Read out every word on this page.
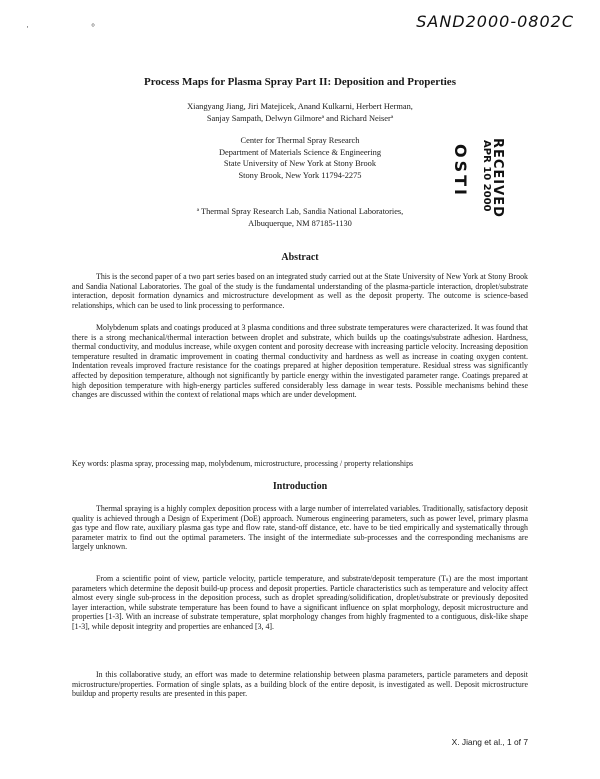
· °	SAND2000-0802C
Process Maps for Plasma Spray Part II: Deposition and Properties
Xiangyang Jiang, Jiri Matejicek, Anand Kulkarni, Herbert Herman,
Sanjay Sampath, Delwyn Gilmoreª and Richard Neiserª
Center for Thermal Spray Research
Department of Materials Science & Engineering
State University of New York at Stony Brook
Stony Brook, New York 11794-2275	RECEIVED
APR 10 2000
OSTI
ª Thermal Spray Research Lab, Sandia National Laboratories,
Albuquerque, NM 87185-1130
Abstract

This is the second paper of a two part series based on an integrated study carried out at the State University of New York at Stony Brook and Sandia National Laboratories. The goal of the study is the fundamental understanding of the plasma-particle interaction, droplet/substrate interaction, deposit formation dynamics and microstructure development as well as the deposit property. The outcome is science-based relationships, which can be used to link processing to performance.

Molybdenum splats and coatings produced at 3 plasma conditions and three substrate temperatures were characterized. It was found that there is a strong mechanical/thermal interaction between droplet and substrate, which builds up the coatings/substrate adhesion. Hardness, thermal conductivity, and modulus increase, while oxygen content and porosity decrease with increasing particle velocity. Increasing deposition temperature resulted in dramatic improvement in coating thermal conductivity and hardness as well as increase in coating oxygen content. Indentation reveals improved fracture resistance for the coatings prepared at higher deposition temperature. Residual stress was significantly affected by deposition temperature, although not significantly by particle energy within the investigated parameter range. Coatings prepared at high deposition temperature with high-energy particles suffered considerably less damage in wear tests. Possible mechanisms behind these changes are discussed within the context of relational maps which are under development.

Key words: plasma spray, processing map, molybdenum, microstructure, processing / property relationships
Introduction

Thermal spraying is a highly complex deposition process with a large number of interrelated variables. Traditionally, satisfactory deposit quality is achieved through a Design of Experiment (DoE) approach. Numerous engineering parameters, such as power level, primary plasma gas type and flow rate, auxiliary plasma gas type and flow rate, stand-off distance, etc. have to be tied empirically and systematically through parameter matrix to find out the optimal parameters. The insight of the intermediate sub-processes and the corresponding mechanisms are largely unknown.

From a scientific point of view, particle velocity, particle temperature, and substrate/deposit temperature (Tₛ) are the most important parameters which determine the deposit build-up process and deposit properties. Particle characteristics such as temperature and velocity affect almost every single sub-process in the deposition process, such as droplet spreading/solidification, droplet/substrate or previously deposited layer interaction, while substrate temperature has been found to have a significant influence on splat morphology, deposit microstructure and properties [1-3]. With an increase of substrate temperature, splat morphology changes from highly fragmented to a contiguous, disk-like shape [1-3], while deposit integrity and properties are enhanced [3, 4].

In this collaborative study, an effort was made to determine relationship between plasma parameters, particle parameters and deposit microstructure/properties. Formation of single splats, as a building block of the entire deposit, is investigated as well. Deposit microstructure buildup and property results are presented in this paper.

X. Jiang et al., 1 of 7
